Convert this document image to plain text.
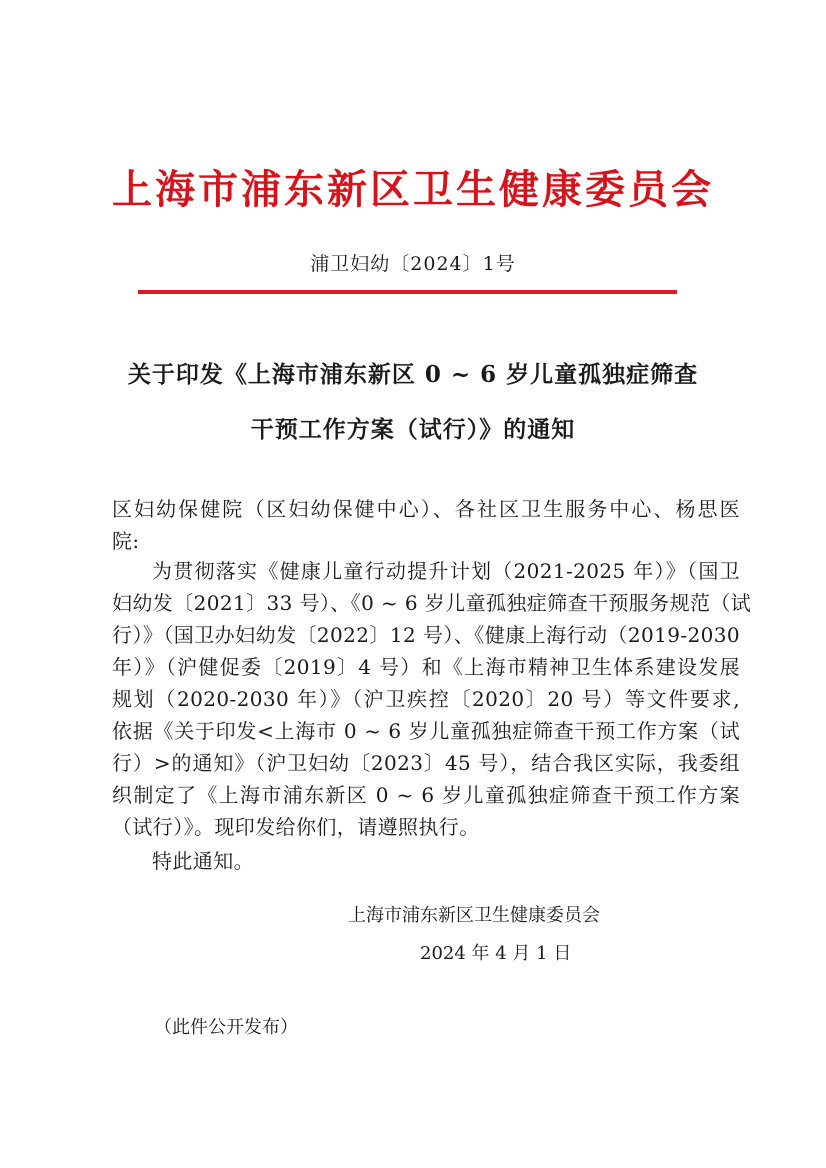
上海市浦东新区卫生健康委员会
浦卫妇幼〔2024〕1号
关于印发《上海市浦东新区 0 ~ 6 岁儿童孤独症筛查
干预工作方案（试行）》的通知
区妇幼保健院（区妇幼保健中心）、各社区卫生服务中心、杨思医
院:
为贯彻落实《健康儿童行动提升计划（2021-2025 年）》（国卫
妇幼发〔2021〕33 号）、《0 ~ 6 岁儿童孤独症筛查干预服务规范（试
行）》（国卫办妇幼发〔2022〕12 号）、《健康上海行动（2019-2030
年）》（沪健促委〔2019〕4 号）和《上海市精神卫生体系建设发展
规划（2020-2030 年）》（沪卫疾控〔2020〕20 号）等文件要求,
依据《关于印发<上海市 0 ~ 6 岁儿童孤独症筛查干预工作方案（试
行）>的通知》（沪卫妇幼〔2023〕45 号），结合我区实际，我委组
织制定了《上海市浦东新区 0 ~ 6 岁儿童孤独症筛查干预工作方案
（试行）》。现印发给你们，请遵照执行。
特此通知。
上海市浦东新区卫生健康委员会
2024 年 4 月 1 日
（此件公开发布）
